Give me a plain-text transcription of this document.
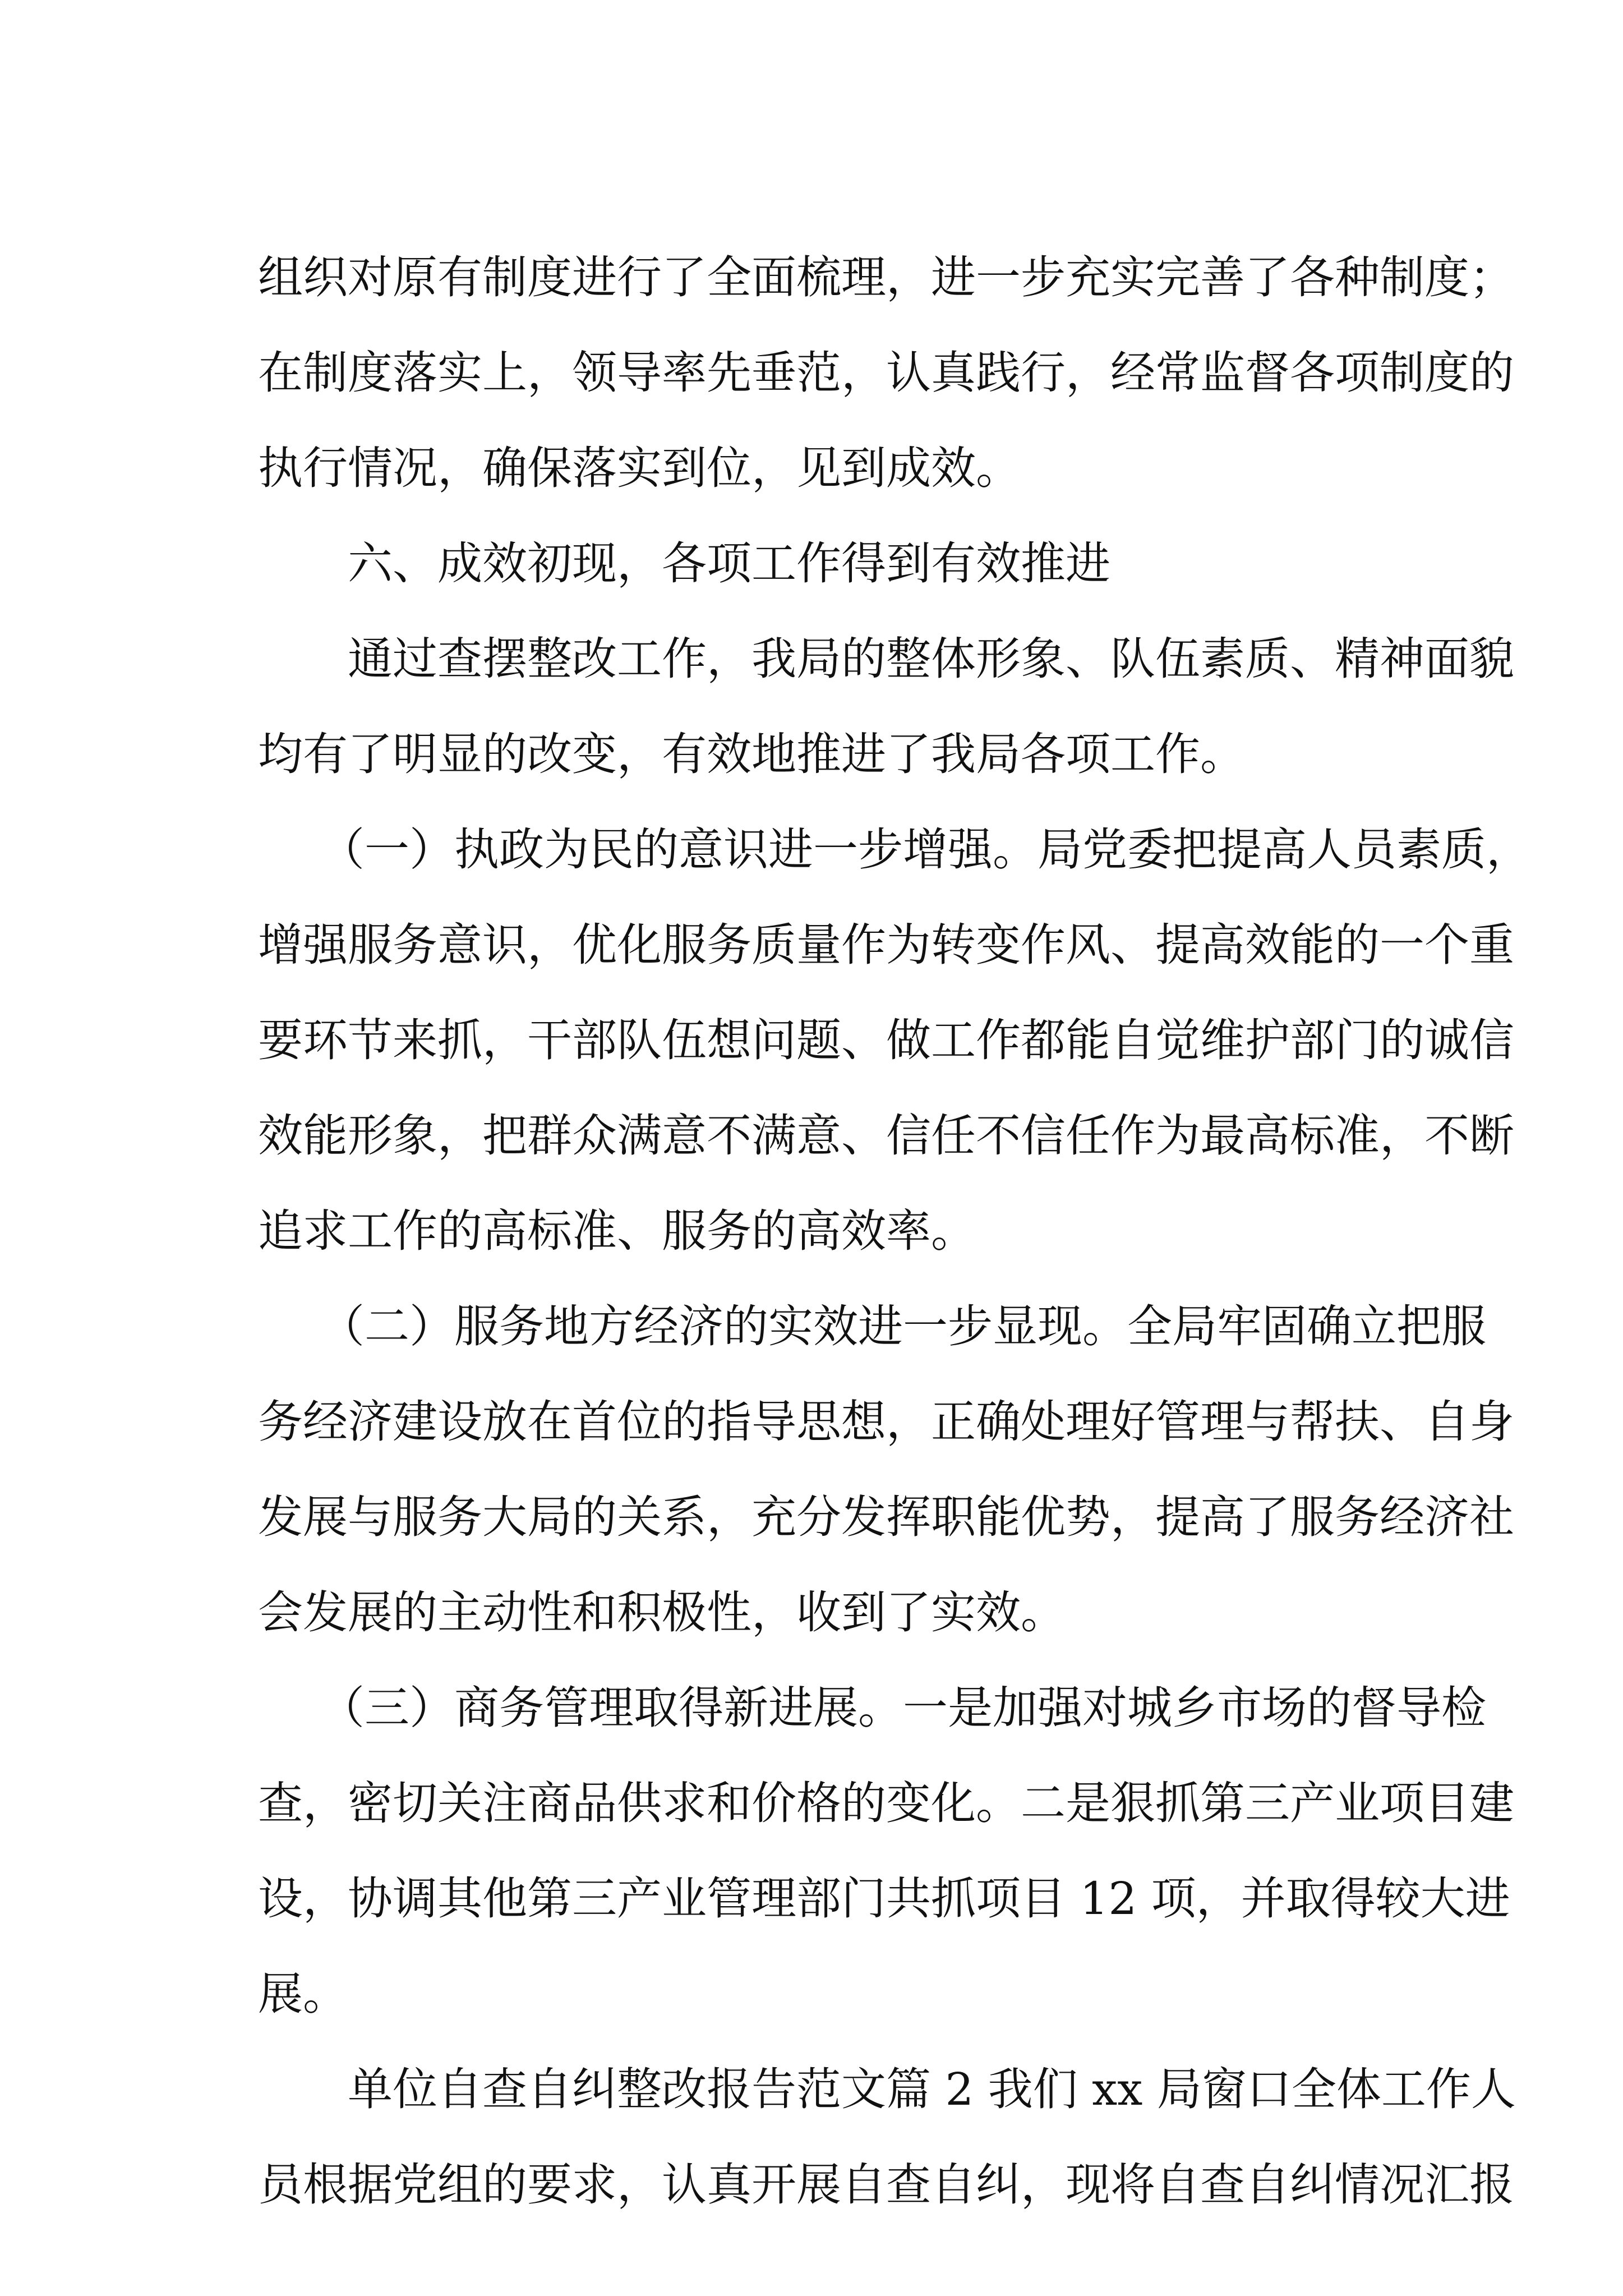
组织对原有制度进行了全面梳理，进一步充实完善了各种制度；
在制度落实上，领导率先垂范，认真践行，经常监督各项制度的
执行情况，确保落实到位，见到成效。
六、成效初现，各项工作得到有效推进
通过查摆整改工作，我局的整体形象、队伍素质、精神面貌
均有了明显的改变，有效地推进了我局各项工作。
（一）执政为民的意识进一步增强。局党委把提高人员素质，
增强服务意识，优化服务质量作为转变作风、提高效能的一个重
要环节来抓，干部队伍想问题、做工作都能自觉维护部门的诚信
效能形象，把群众满意不满意、信任不信任作为最高标准，不断
追求工作的高标准、服务的高效率。
（二）服务地方经济的实效进一步显现。全局牢固确立把服
务经济建设放在首位的指导思想，正确处理好管理与帮扶、自身
发展与服务大局的关系，充分发挥职能优势，提高了服务经济社
会发展的主动性和积极性，收到了实效。
（三）商务管理取得新进展。一是加强对城乡市场的督导检
查，密切关注商品供求和价格的变化。二是狠抓第三产业项目建
设，协调其他第三产业管理部门共抓项目 12 项，并取得较大进
展。
单位自查自纠整改报告范文篇 2 我们 xx 局窗口全体工作人
员根据党组的要求，认真开展自查自纠，现将自查自纠情况汇报
